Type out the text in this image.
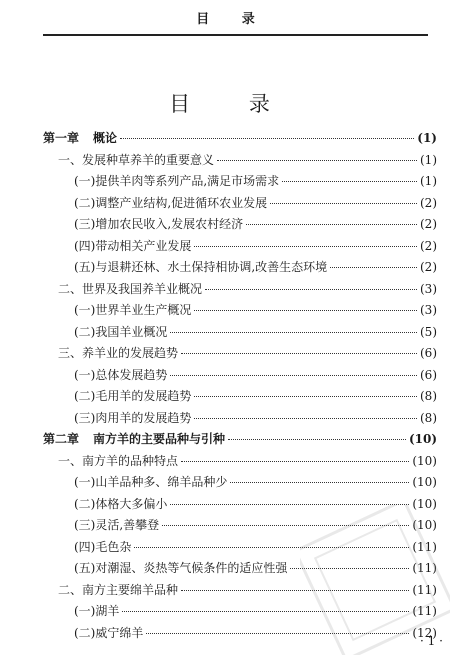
目 录
目 录
第一章 概论	(1)
一、发展种草养羊的重要意义	(1)
(一)提供羊肉等系列产品,满足市场需求	(1)
(二)调整产业结构,促进循环农业发展	(2)
(三)增加农民收入,发展农村经济	(2)
(四)带动相关产业发展	(2)
(五)与退耕还林、水土保持相协调,改善生态环境	(2)
二、世界及我国养羊业概况	(3)
(一)世界羊业生产概况	(3)
(二)我国羊业概况	(5)
三、养羊业的发展趋势	(6)
(一)总体发展趋势	(6)
(二)毛用羊的发展趋势	(8)
(三)肉用羊的发展趋势	(8)
第二章 南方羊的主要品种与引种	(10)
一、南方羊的品种特点	(10)
(一)山羊品种多、绵羊品种少	(10)
(二)体格大多偏小	(10)
(三)灵活,善攀登	(10)
(四)毛色杂	(11)
(五)对潮湿、炎热等气候条件的适应性强	(11)
二、南方主要绵羊品种	(11)
(一)湖羊	(11)
(二)威宁绵羊	(12)
· 1 ·
